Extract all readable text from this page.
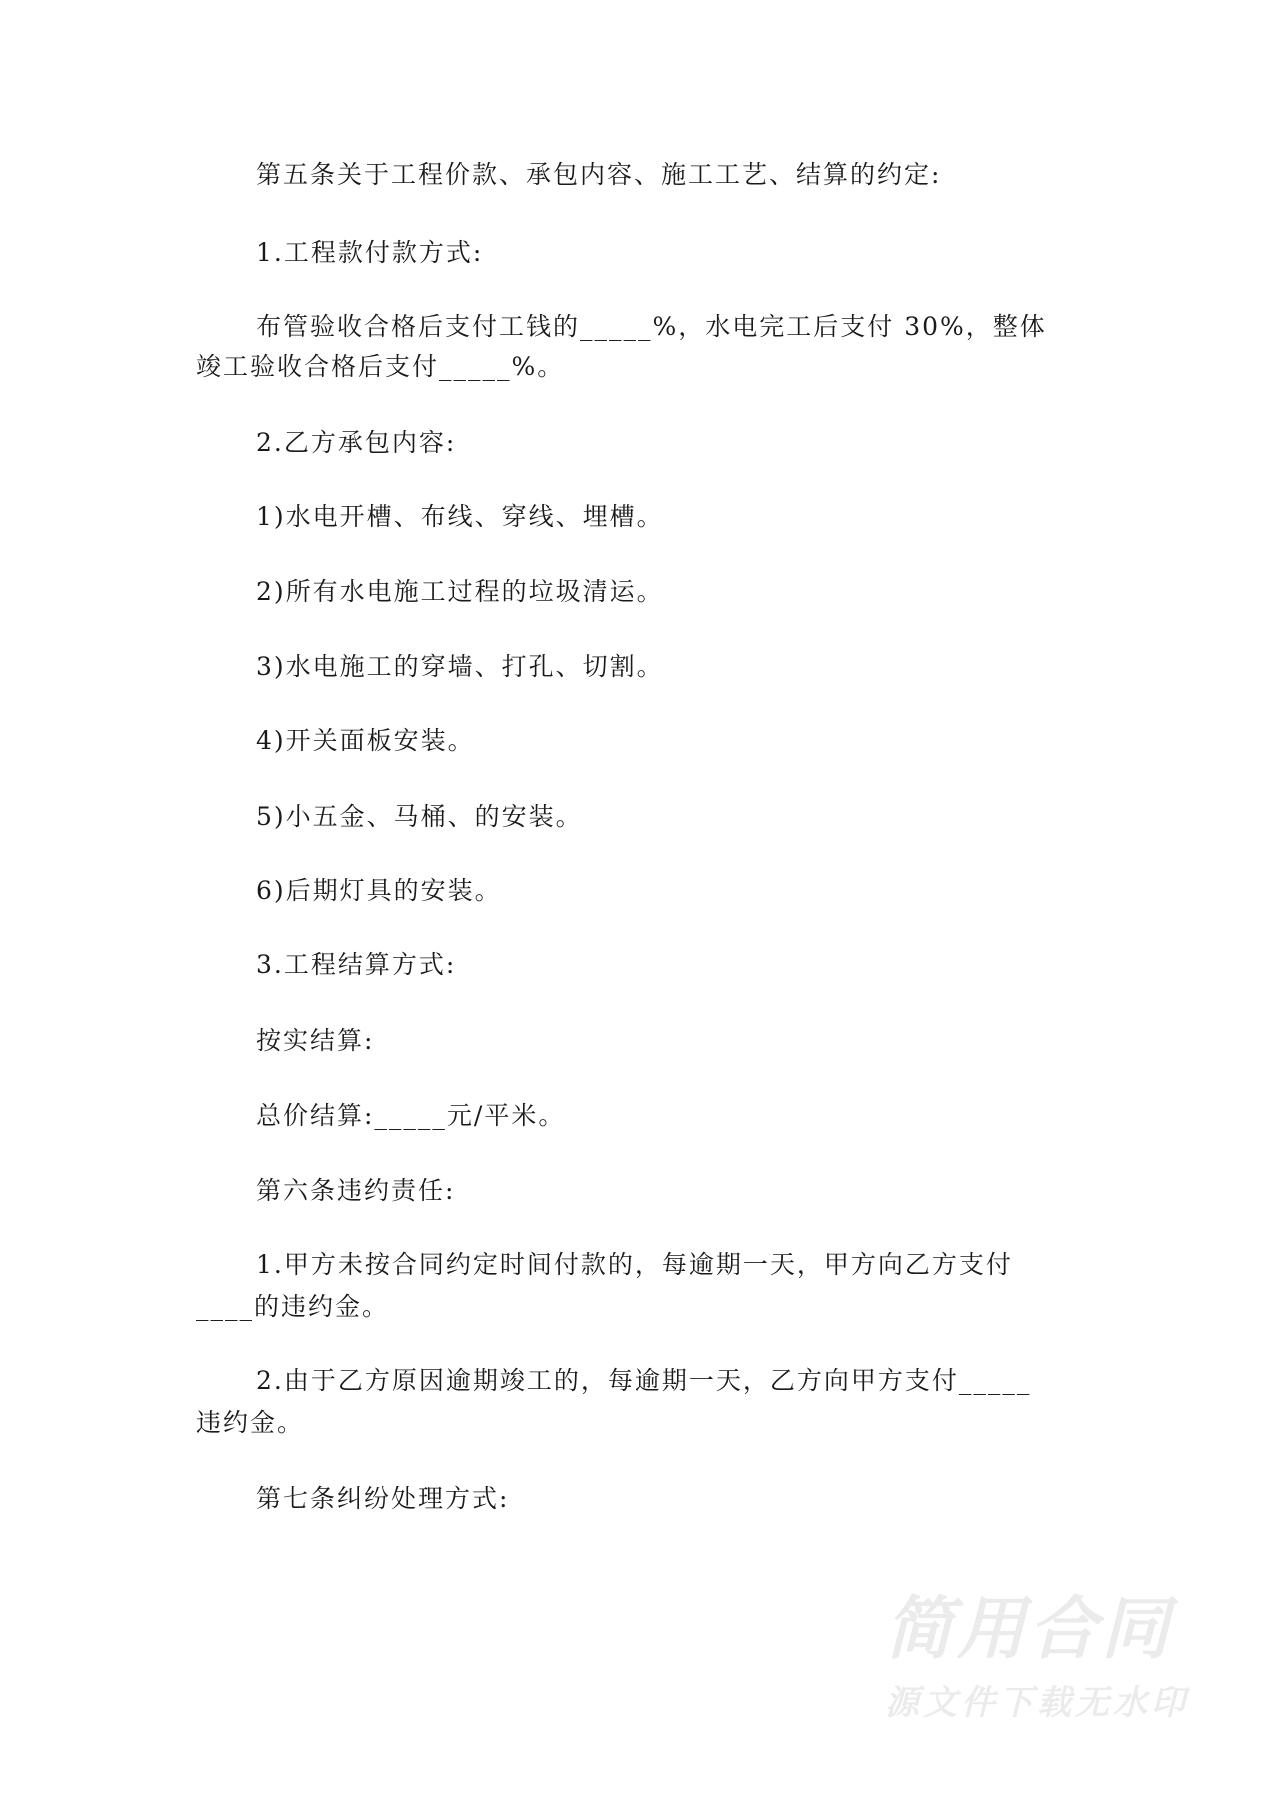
第五条关于工程价款、承包内容、施工工艺、结算的约定:
1.工程款付款方式:
布管验收合格后支付工钱的_____%，水电完工后支付 30%，整体
竣工验收合格后支付_____%。
2.乙方承包内容:
1)水电开槽、布线、穿线、埋槽。
2)所有水电施工过程的垃圾清运。
3)水电施工的穿墙、打孔、切割。
4)开关面板安装。
5)小五金、马桶、的安装。
6)后期灯具的安装。
3.工程结算方式:
按实结算:
总价结算:_____元/平米。
第六条违约责任:
1.甲方未按合同约定时间付款的，每逾期一天，甲方向乙方支付
____的违约金。
2.由于乙方原因逾期竣工的，每逾期一天，乙方向甲方支付_____
违约金。
第七条纠纷处理方式:
简用合同
源文件下载无水印
